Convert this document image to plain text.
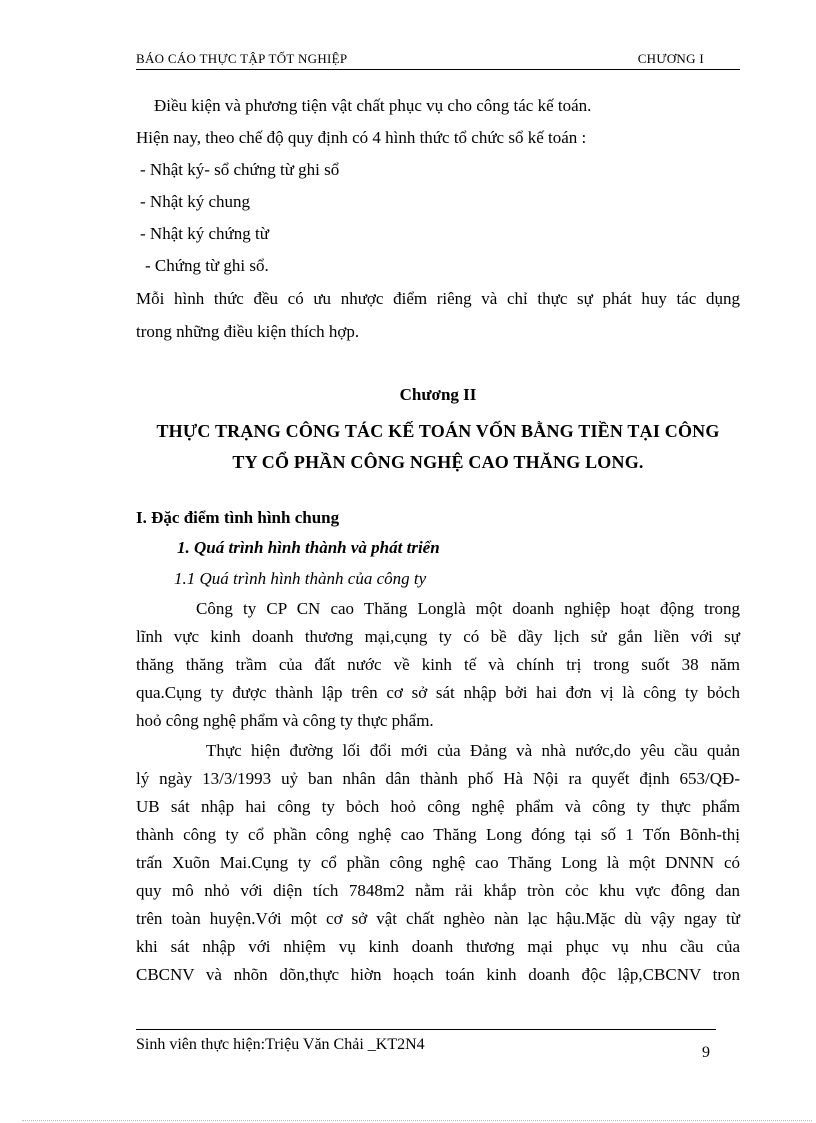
BÁO CÁO THỰC TẬP TỐT NGHIỆP	CHƯƠNG I
Điều kiện và phương tiện vật chất phục vụ cho công tác kế toán.
Hiện nay, theo chế độ quy định có 4 hình thức tổ chức sổ kế toán :
- Nhật ký- sổ chứng từ ghi sổ
- Nhật ký chung
- Nhật ký chứng từ
- Chứng từ ghi sổ.
Mỗi hình thức đều có ưu nhược điểm riêng và chỉ thực sự phát huy tác dụng
trong những điều kiện thích hợp.
Chương II
THỰC TRẠNG CÔNG TÁC KẾ TOÁN VỐN BẰNG TIỀN TẠI CÔNG
TY CỔ PHẦN CÔNG NGHỆ CAO THĂNG LONG.
I. Đặc điểm tình hình chung
1. Quá trình hình thành và phát triển
1.1 Quá trình hình thành của công ty
Công ty CP CN cao Thăng Longlà một doanh nghiệp hoạt động trong
lĩnh vực kinh doanh thương mại,cụng ty có bề dầy lịch sử gắn liền với sự
thăng thăng trầm của đất nước về kinh tế và chính trị trong suốt 38 năm
qua.Cụng ty được thành lập trên cơ sở sát nhập bởi hai đơn vị là công ty bỏch
hoỏ công nghệ phẩm và công ty thực phẩm.
Thực hiện đường lối đổi mới của Đảng và nhà nước,do yêu cầu quản
lý ngày 13/3/1993 uỷ ban nhân dân thành phố Hà Nội ra quyết định 653/QĐ-
UB sát nhập hai công ty bỏch hoỏ công nghệ phẩm và công ty thực phẩm
thành công ty cổ phần công nghệ cao Thăng Long đóng tại số 1 Tốn Bõnh-thị
trấn Xuõn Mai.Cụng ty cổ phần công nghệ cao Thăng Long là một DNNN có
quy mô nhỏ với diện tích 7848m2 nằm rải khắp tròn cỏc khu vực đông dan
trên toàn huyện.Với một cơ sở vật chất nghèo nàn lạc hậu.Mặc dù vậy ngay từ
khi sát nhập với nhiệm vụ kinh doanh thương mại phục vụ nhu cầu của
CBCNV và nhõn dõn,thực hiờn hoạch toán kinh doanh độc lập,CBCNV tron
Sinh viên thực hiện:Triệu Văn Chải _KT2N4	9
